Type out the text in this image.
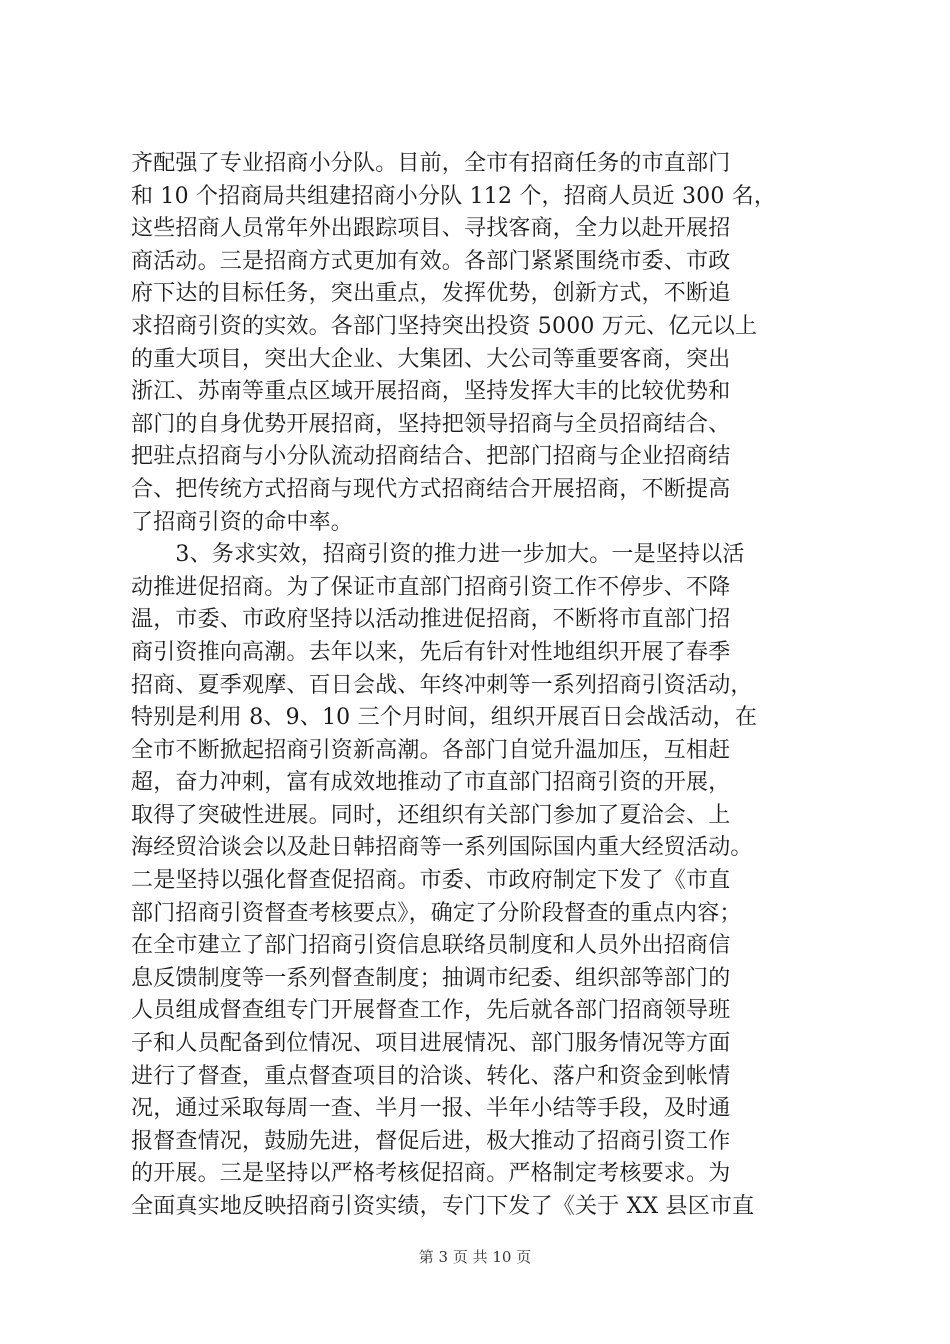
齐配强了专业招商小分队。目前，全市有招商任务的市直部门
和 10 个招商局共组建招商小分队 112 个，招商人员近 300 名，
这些招商人员常年外出跟踪项目、寻找客商，全力以赴开展招
商活动。三是招商方式更加有效。各部门紧紧围绕市委、市政
府下达的目标任务，突出重点，发挥优势，创新方式，不断追
求招商引资的实效。各部门坚持突出投资 5000 万元、亿元以上
的重大项目，突出大企业、大集团、大公司等重要客商，突出
浙江、苏南等重点区域开展招商，坚持发挥大丰的比较优势和
部门的自身优势开展招商，坚持把领导招商与全员招商结合、
把驻点招商与小分队流动招商结合、把部门招商与企业招商结
合、把传统方式招商与现代方式招商结合开展招商，不断提高
了招商引资的命中率。
　　3、务求实效，招商引资的推力进一步加大。一是坚持以活
动推进促招商。为了保证市直部门招商引资工作不停步、不降
温，市委、市政府坚持以活动推进促招商，不断将市直部门招
商引资推向高潮。去年以来，先后有针对性地组织开展了春季
招商、夏季观摩、百日会战、年终冲刺等一系列招商引资活动，
特别是利用 8、9、10 三个月时间，组织开展百日会战活动，在
全市不断掀起招商引资新高潮。各部门自觉升温加压，互相赶
超，奋力冲刺，富有成效地推动了市直部门招商引资的开展，
取得了突破性进展。同时，还组织有关部门参加了夏洽会、上
海经贸洽谈会以及赴日韩招商等一系列国际国内重大经贸活动。
二是坚持以强化督查促招商。市委、市政府制定下发了《市直
部门招商引资督查考核要点》，确定了分阶段督查的重点内容；
在全市建立了部门招商引资信息联络员制度和人员外出招商信
息反馈制度等一系列督查制度；抽调市纪委、组织部等部门的
人员组成督查组专门开展督查工作，先后就各部门招商领导班
子和人员配备到位情况、项目进展情况、部门服务情况等方面
进行了督查，重点督查项目的洽谈、转化、落户和资金到帐情
况，通过采取每周一查、半月一报、半年小结等手段，及时通
报督查情况，鼓励先进，督促后进，极大推动了招商引资工作
的开展。三是坚持以严格考核促招商。严格制定考核要求。为
全面真实地反映招商引资实绩，专门下发了《关于 XX 县区市直
第 3 页 共 10 页
